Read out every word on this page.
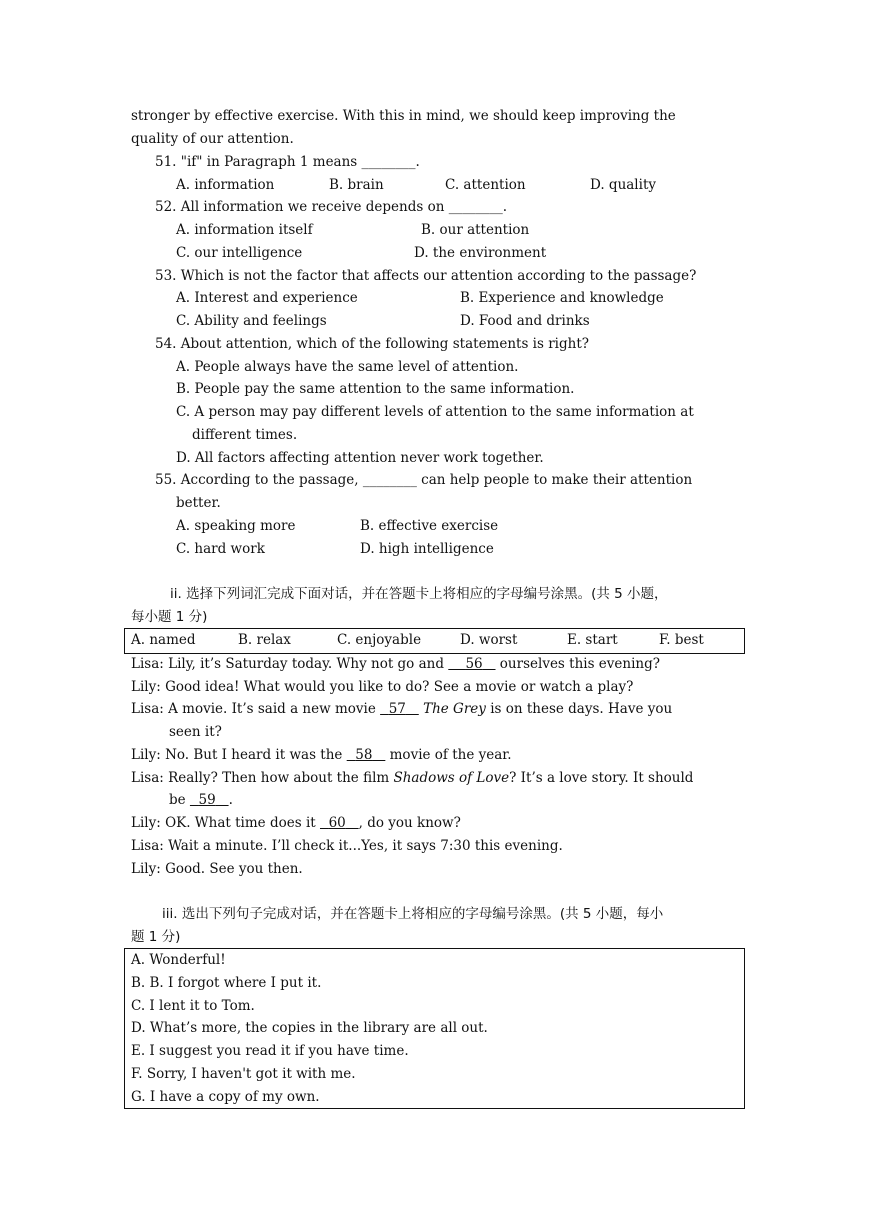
stronger by effective exercise. With this in mind, we should keep improving the
quality of our attention.
51. "if" in Paragraph 1 means ________.
A. information	B. brain	C. attention	D. quality
52. All information we receive depends on ________.
A. information itself	B. our attention
C. our intelligence	D. the environment
53. Which is not the factor that affects our attention according to the passage?
A. Interest and experience	B. Experience and knowledge
C. Ability and feelings	D. Food and drinks
54. About attention, which of the following statements is right?
A. People always have the same level of attention.
B. People pay the same attention to the same information.
C. A person may pay different levels of attention to the same information at
different times.
D. All factors affecting attention never work together.
55. According to the passage, ________ can help people to make their attention
better.
A. speaking more	B. effective exercise
C. hard work	D. high intelligence
ii. 选择下列词汇完成下面对话，并在答题卡上将相应的字母编号涂黑。(共 5 小题，
每小题 1 分)
A. named	B. relax	C. enjoyable	D. worst	E. start	F. best
Lisa: Lily, it’s Saturday today. Why not go and     56    ourselves this evening?
Lily: Good idea! What would you like to do? See a movie or watch a play?
Lisa: A movie. It’s said a new movie   57 The Grey is on these days. Have you
seen it?
Lily: No. But I heard it was the   58    movie of the year.
Lisa: Really? Then how about the film Shadows of Love? It’s a love story. It should
be   59 .
Lily: OK. What time does it   60 , do you know?
Lisa: Wait a minute. I’ll check it...Yes, it says 7:30 this evening.
Lily: Good. See you then.
iii. 选出下列句子完成对话，并在答题卡上将相应的字母编号涂黑。(共 5 小题，每小
题 1 分)
A. Wonderful!
B. B. I forgot where I put it.
C. I lent it to Tom.
D. What’s more, the copies in the library are all out.
E. I suggest you read it if you have time.
F. Sorry, I haven't got it with me.
G. I have a copy of my own.
